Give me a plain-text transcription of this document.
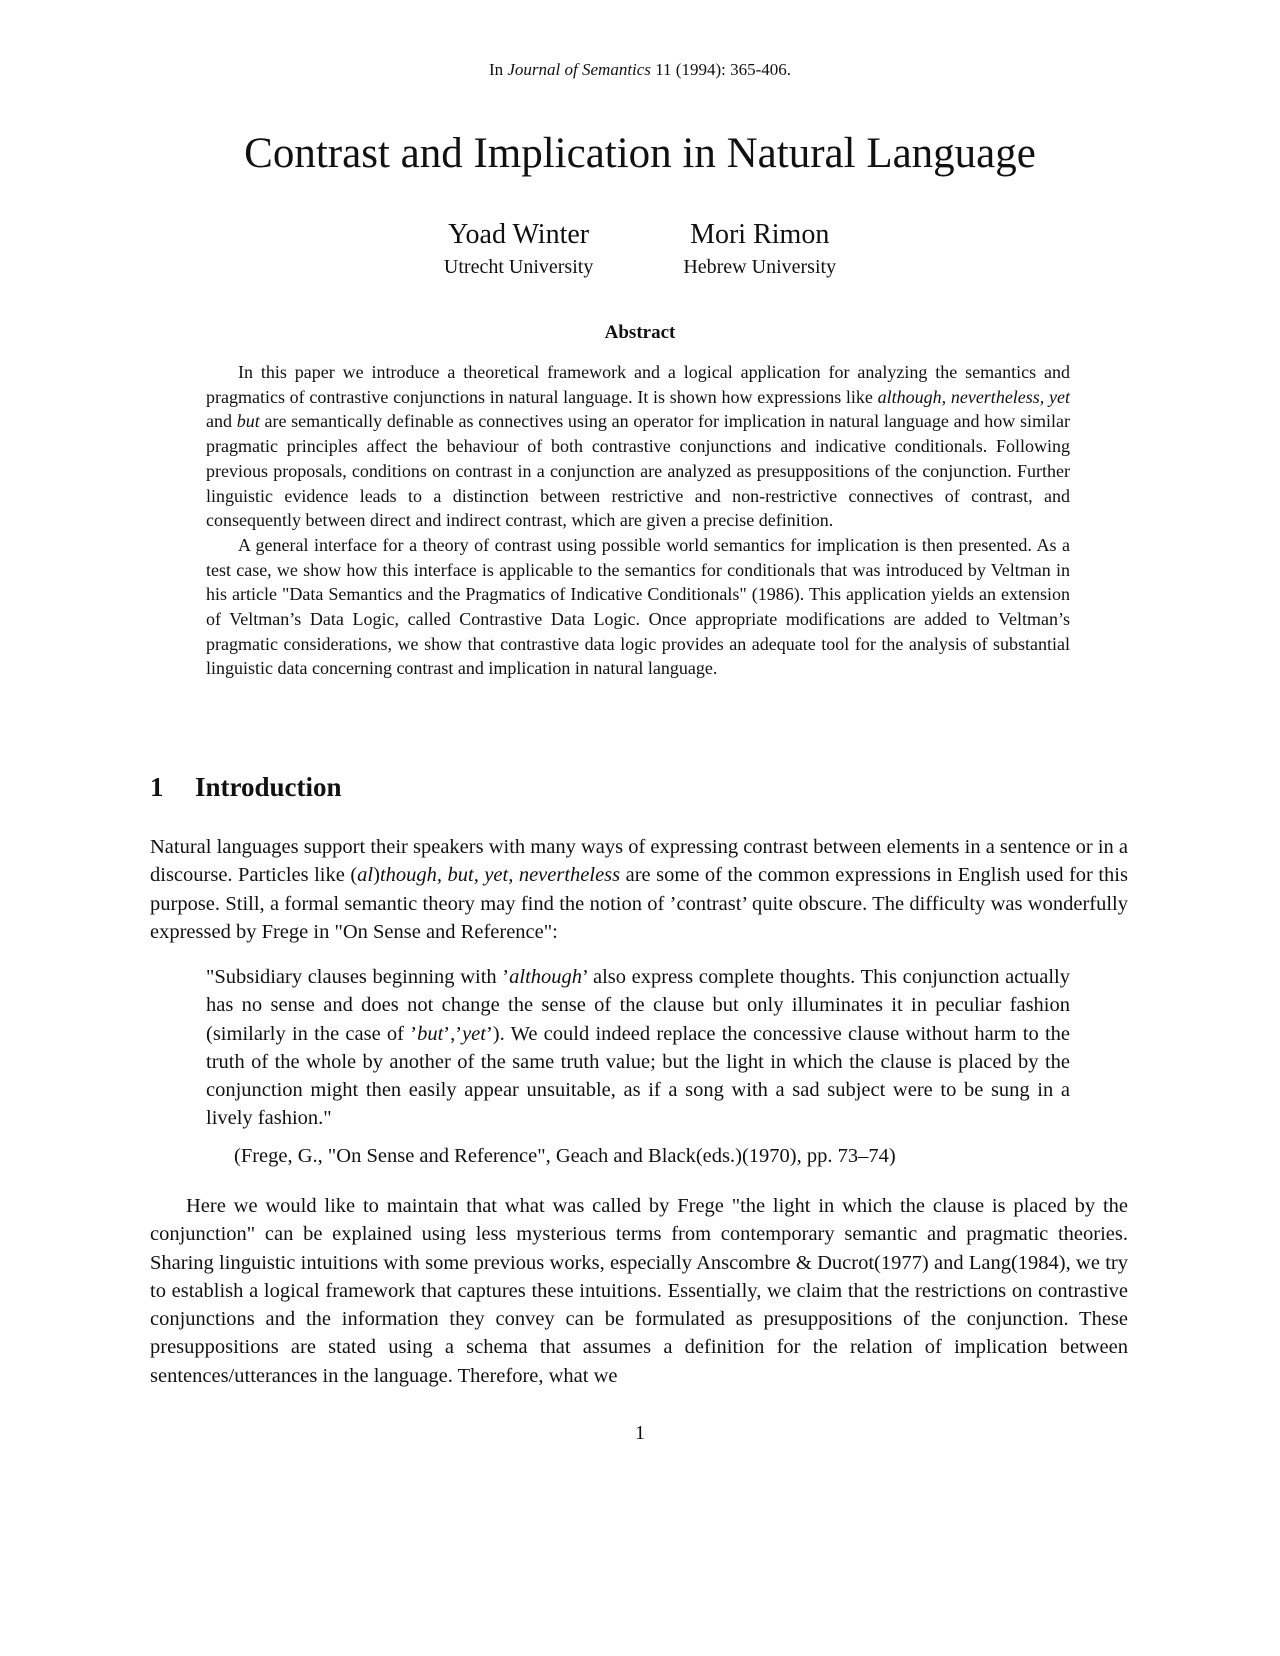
In Journal of Semantics 11 (1994): 365-406.
Contrast and Implication in Natural Language
Yoad Winter
Utrecht University
Mori Rimon
Hebrew University
Abstract

In this paper we introduce a theoretical framework and a logical application for analyzing the semantics and pragmatics of contrastive conjunctions in natural language. It is shown how expressions like although, nevertheless, yet and but are semantically definable as connectives using an operator for implication in natural language and how similar pragmatic principles affect the behaviour of both contrastive conjunctions and indicative conditionals. Following previous proposals, conditions on contrast in a conjunction are analyzed as presuppositions of the conjunction. Further linguistic evidence leads to a distinction between restrictive and non-restrictive connectives of contrast, and consequently between direct and indirect contrast, which are given a precise definition.

A general interface for a theory of contrast using possible world semantics for implication is then presented. As a test case, we show how this interface is applicable to the semantics for conditionals that was introduced by Veltman in his article "Data Semantics and the Pragmatics of Indicative Conditionals" (1986). This application yields an extension of Veltman’s Data Logic, called Contrastive Data Logic. Once appropriate modifications are added to Veltman’s pragmatic considerations, we show that contrastive data logic provides an adequate tool for the analysis of substantial linguistic data concerning contrast and implication in natural language.

1 Introduction

Natural languages support their speakers with many ways of expressing contrast between elements in a sentence or in a discourse. Particles like (al)though, but, yet, nevertheless are some of the common expressions in English used for this purpose. Still, a formal semantic theory may find the notion of ’contrast’ quite obscure. The difficulty was wonderfully expressed by Frege in "On Sense and Reference":

"Subsidiary clauses beginning with ’although’ also express complete thoughts. This conjunction actually has no sense and does not change the sense of the clause but only illuminates it in peculiar fashion (similarly in the case of ’but’,’yet’). We could indeed replace the concessive clause without harm to the truth of the whole by another of the same truth value; but the light in which the clause is placed by the conjunction might then easily appear unsuitable, as if a song with a sad subject were to be sung in a lively fashion."

(Frege, G., "On Sense and Reference", Geach and Black(eds.)(1970), pp. 73–74)

Here we would like to maintain that what was called by Frege "the light in which the clause is placed by the conjunction" can be explained using less mysterious terms from contemporary semantic and pragmatic theories. Sharing linguistic intuitions with some previous works, especially Anscombre & Ducrot(1977) and Lang(1984), we try to establish a logical framework that captures these intuitions. Essentially, we claim that the restrictions on contrastive conjunctions and the information they convey can be formulated as presuppositions of the conjunction. These presuppositions are stated using a schema that assumes a definition for the relation of implication between sentences/utterances in the language. Therefore, what we

1
